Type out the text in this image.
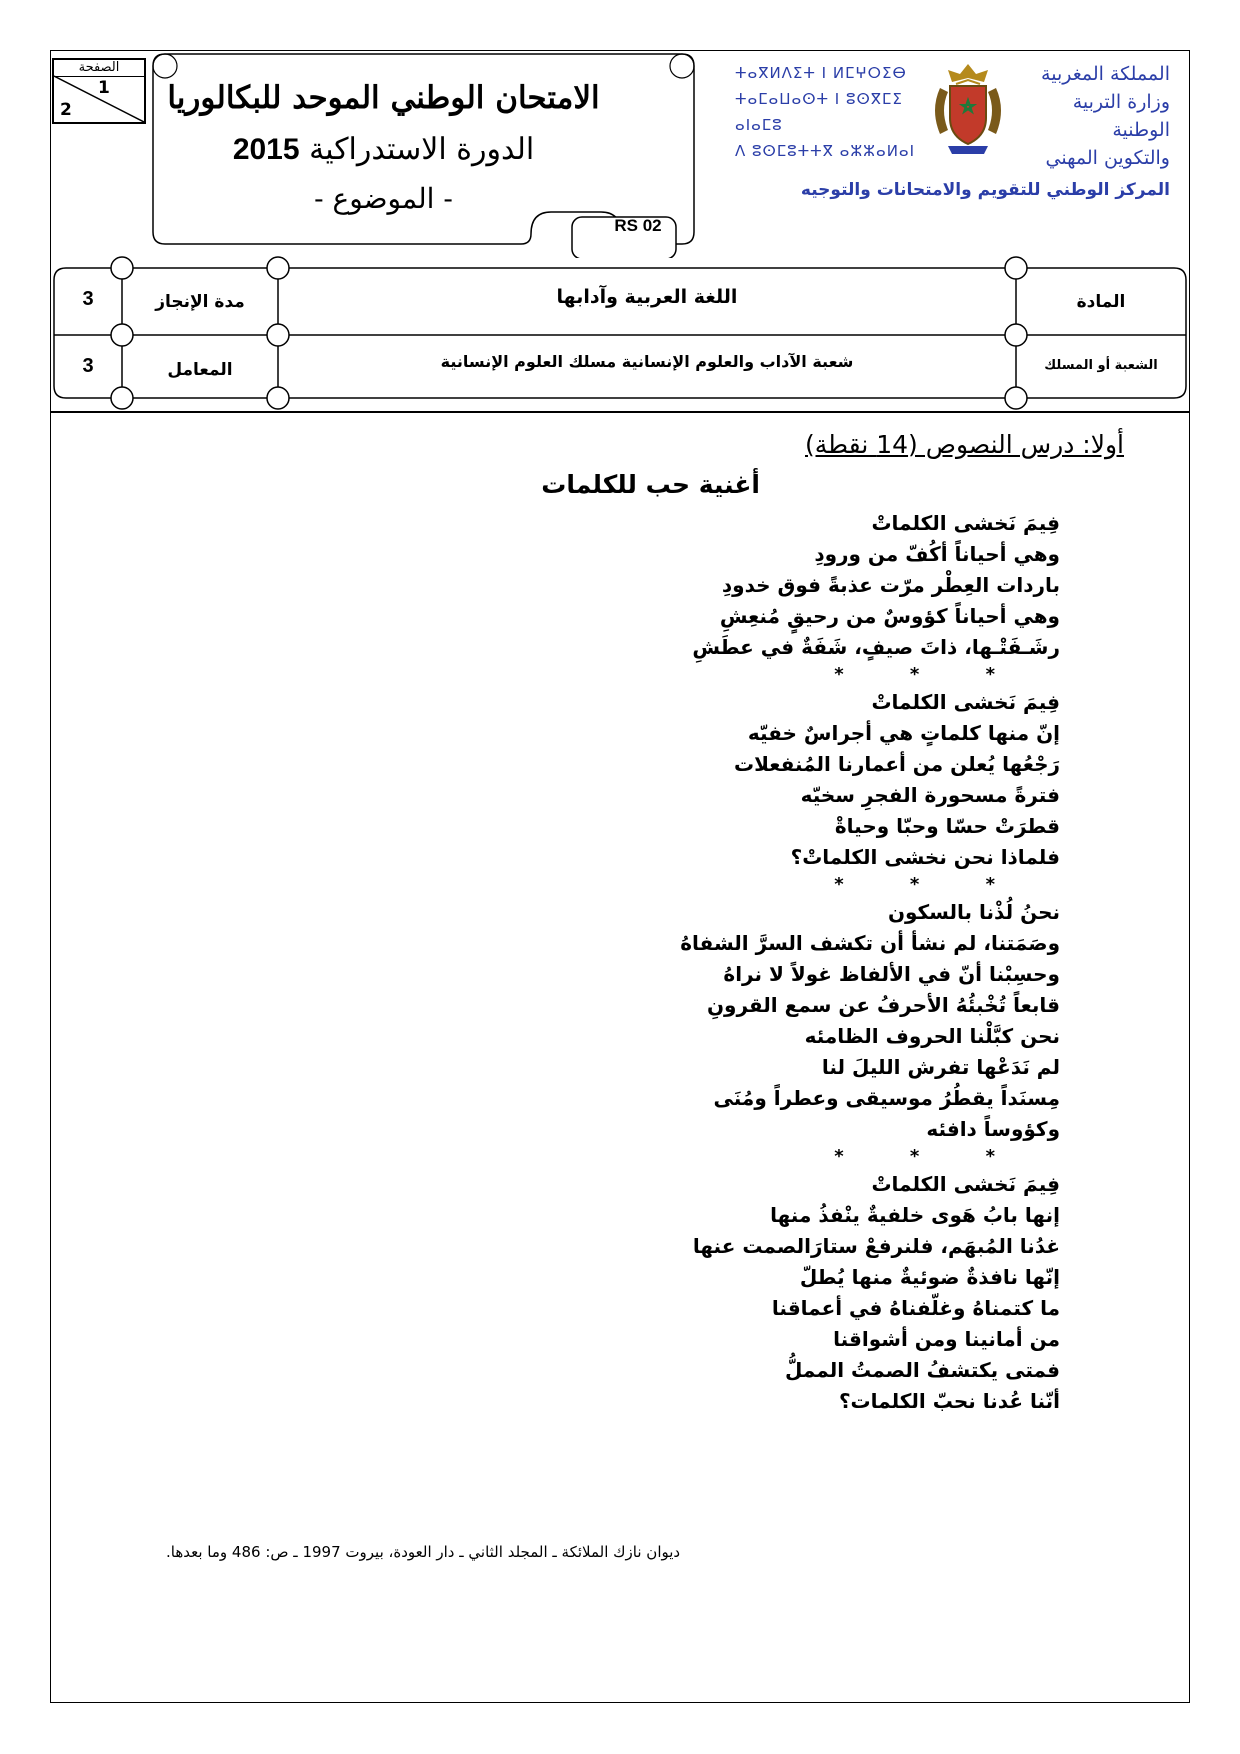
الصفحة
1
2	الامتحان الوطني الموحد للبكالوريا
الدورة الاستدراكية 2015
- الموضوع -
RS 02
ⵜⴰⴳⵍⴷⵉⵜ ⵏ ⵍⵎⵖⵔⵉⴱ
ⵜⴰⵎⴰⵡⴰⵙⵜ ⵏ ⵓⵙⴳⵎⵉ ⴰⵏⴰⵎⵓ
ⴷ ⵓⵙⵎⵓⵜⵜⴳ ⴰⵣⵣⴰⵍⴰⵏ
المملكة المغربية
وزارة التربية الوطنية
والتكوين المهني
المركز الوطني للتقويم والامتحانات والتوجيه
المادة
اللغة العربية وآدابها
مدة الإنجاز
3
الشعبة أو المسلك
شعبة الآداب والعلوم الإنسانية مسلك العلوم الإنسانية
المعامل
3
أولا: درس النصوص (14 نقطة)
أغنية حب للكلمات
فِيمَ نَخشى الكلماتْ
وهي أحياناً أكُفّ من ورودِ
باردات العِطْر مرّت عذبةً فوق خدودِ
وهي أحياناً كؤوسٌ من رحيقٍ مُنعِشِ
رشَـفَتْـها، ذاتَ صيفٍ، شَفَةٌ في عطَشِ
* * *
فِيمَ نَخشى الكلماتْ
إنّ منها كلماتٍ هي أجراسٌ خفيّه
رَجْعُها يُعلن من أعمارنا المُنفعلات
فترةً مسحورة الفجرِ سخيّه
قطرَتْ حسّا وحبّا وحياةْ
فلماذا نحن نخشى الكلماتْ؟
* * *
نحنُ لُذْنا بالسكون
وصَمَتنا، لم نشأ أن تكشف السرَّ الشفاهُ
وحسِبْنا أنّ في الألفاظ غولاً لا نراهُ
قابعاً تُخْبئُهُ الأحرفُ عن سمع القرونِ
نحن كبَّلْنا الحروف الظامئه
لم نَدَعْها تفرش الليلَ لنا
مِسنَداً يقطُرُ موسيقى وعطراً ومُنَى
وكؤوساً دافئه
* * *
فِيمَ نَخشى الكلماتْ
إنها بابُ هَوى خلفيةٌ ينْفذُ منها
غدُنا المُبهَم، فلنرفعْ ستارَالصمت عنها
إنّها نافذةٌ ضوئيةٌ منها يُطلّ
ما كتمناهُ وغلّفناهُ في أعماقنا
من أمانينا ومن أشواقنا
فمتى يكتشفُ الصمتُ المملُّ
أنّنا عُدنا نحبّ الكلمات؟
ديوان نازك الملائكة ـ المجلد الثاني ـ دار العودة، بيروت 1997 ـ ص: 486 وما بعدها.
